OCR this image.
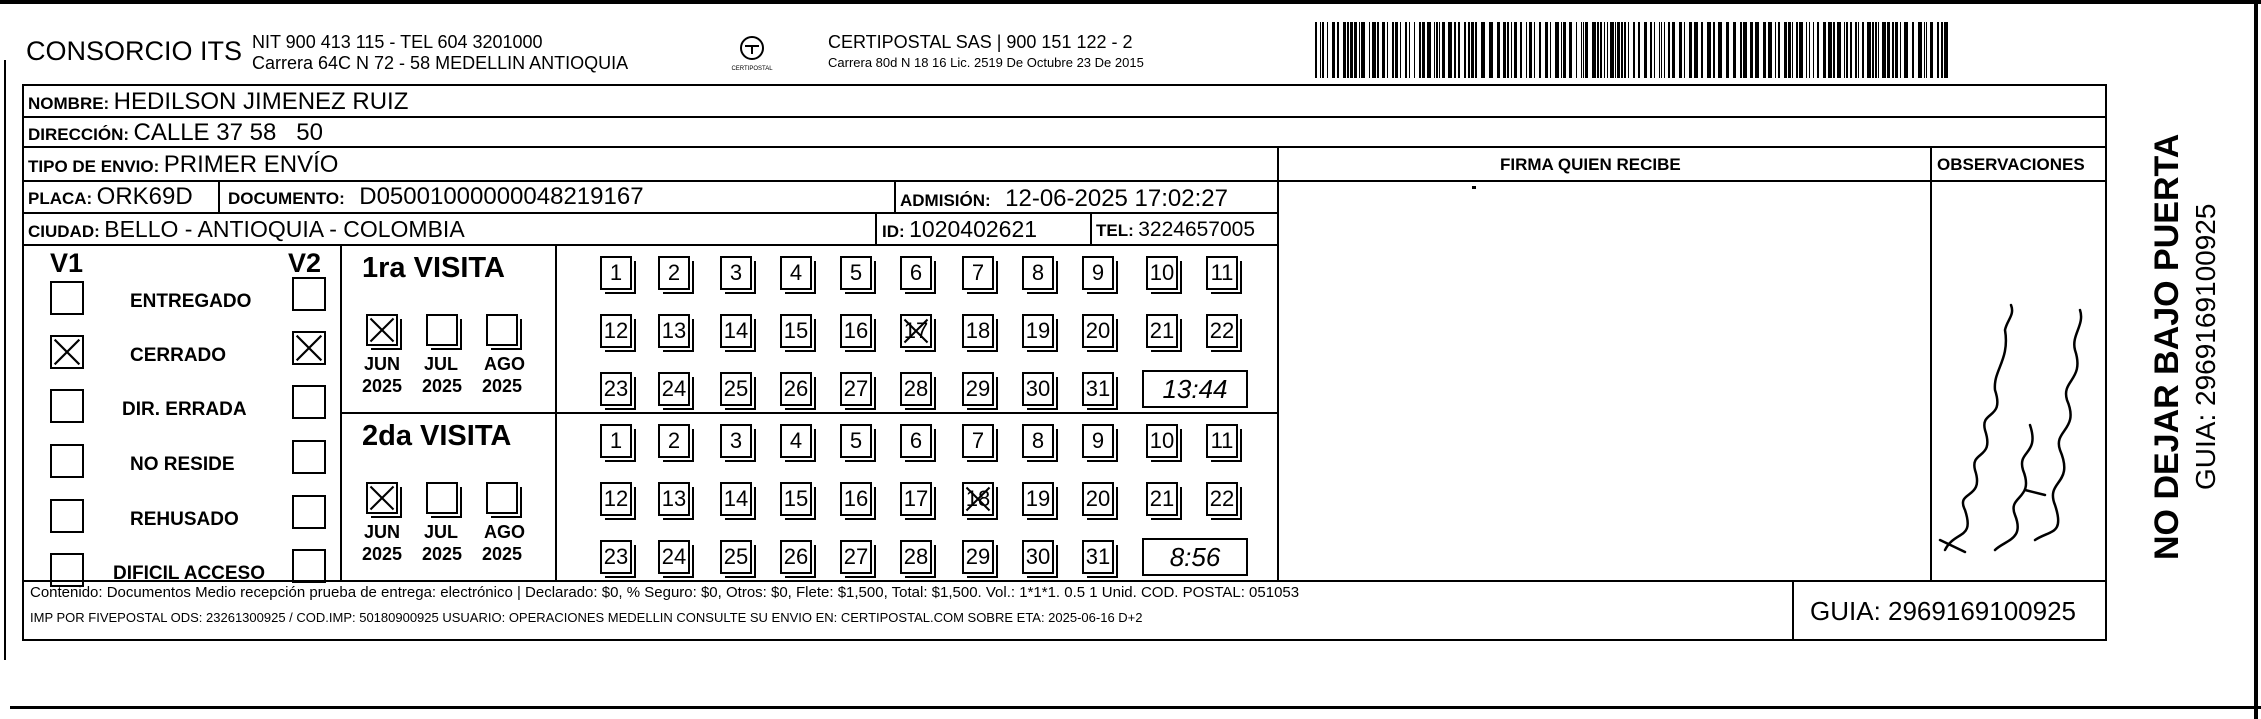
CONSORCIO ITS NIT 900 413 115 - TEL 604 3201000
Carrera 64C N 72 - 58 MEDELLIN ANTIOQUIA	CERTIPOSTAL
CERTIPOSTAL SAS | 900 151 122 - 2
Carrera 80d N 18 16 Lic. 2519 De Octubre 23 De 2015
NOMBRE: HEDILSON JIMENEZ RUIZ
DIRECCIÓN: CALLE 37 58   50
TIPO DE ENVIO: PRIMER ENVÍO	FIRMA QUIEN RECIBE	OBSERVACIONES
PLACA: ORK69D DOCUMENTO: D05001000000048219167	ADMISIÓN: 12-06-2025 17:02:27
CIUDAD: BELLO - ANTIOQUIA - COLOMBIA	ID: 1020402621	TEL: 3224657005
V1	V2
ENTREGADO
CERRADO
DIR. ERRADA
NO RESIDE
REHUSADO
DIFICIL ACCESO
1ra VISITA
JUN
2025
JUL
2025
AGO
2025
1	2	3	4	5	6	7	8	9	10 11
12 13 14 15 16 17 18 19 20 21 22
23 24 25 26 27 28 29 30 31	13:44
2da VISITA
JUN
2025
JUL
2025
AGO
2025
1	2	3	4	5	6	7	8	9	10 11
12 13 14 15 16 17 18 19 20 21 22
23 24 25 26 27 28 29 30 31	8:56
Contenido: Documentos Medio recepción prueba de entrega: electrónico | Declarado: $0, % Seguro: $0, Otros: $0, Flete: $1,500, Total: $1,500. Vol.: 1*1*1. 0.5 1 Unid. COD. POSTAL: 051053
IMP POR FIVEPOSTAL ODS: 23261300925 / COD.IMP: 50180900925 USUARIO: OPERACIONES MEDELLIN CONSULTE SU ENVIO EN: CERTIPOSTAL.COM SOBRE ETA: 2025-06-16 D+2	GUIA: 2969169100925
NO DEJAR BAJO PUERTA GUIA: 2969169100925
